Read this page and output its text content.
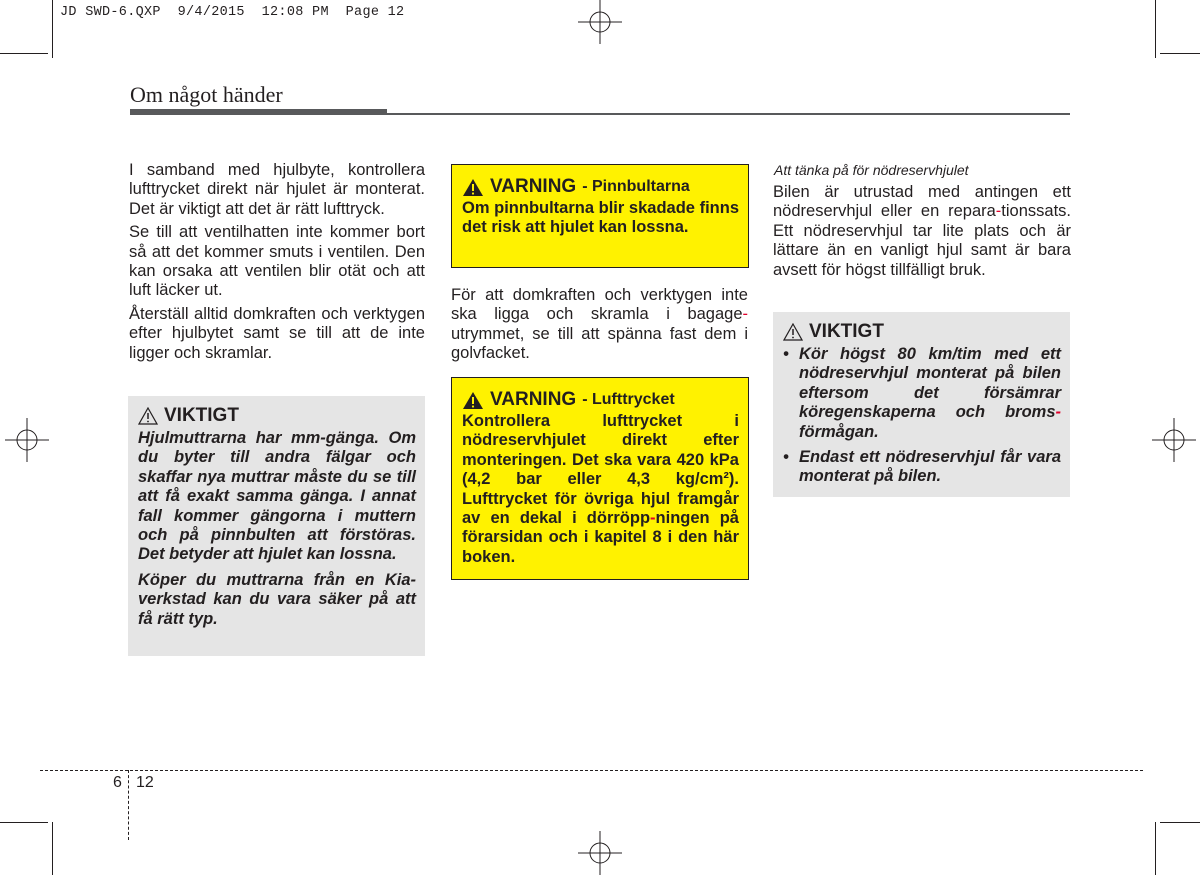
JD SWD-6.QXP  9/4/2015  12:08 PM  Page 12
Om något händer

I samband med hjulbyte, kontrollera lufttrycket direkt när hjulet är monterat. Det är viktigt att det är rätt lufttryck.

Se till att ventilhatten inte kommer bort så att det kommer smuts i ventilen. Den kan orsaka att ventilen blir otät och att luft läcker ut.

Återställ alltid domkraften och verktygen efter hjulbytet samt se till att de inte ligger och skramlar.

VIKTIGT

Hjulmuttrarna har mm-gänga. Om du byter till andra fälgar och skaffar nya muttrar måste du se till att få exakt samma gänga. I annat fall kommer gängorna i muttern och på pinnbulten att förstöras. Det betyder att hjulet kan lossna.

Köper du muttrarna från en Kia-verkstad kan du vara säker på att få rätt typ.

VARNING - Pinnbultarna
Om pinnbultarna blir skadade finns det risk att hjulet kan lossna.

För att domkraften och verktygen inte ska ligga och skramla i bagage-utrymmet, se till att spänna fast dem i golvfacket.

VARNING - Lufttrycket
Kontrollera lufttrycket i nödreservhjulet direkt efter monteringen. Det ska vara 420 kPa (4,2 bar eller 4,3 kg/cm²). Lufttrycket för övriga hjul framgår av en dekal i dörröpp-ningen på förarsidan och i kapitel 8 i den här boken.
Att tänka på för nödreservhjulet

Bilen är utrustad med antingen ett nödreservhjul eller en repara-tionssats. Ett nödreservhjul tar lite plats och är lättare än en vanligt hjul samt är bara avsett för högst tillfälligt bruk.

VIKTIGT
• Kör högst 80 km/tim med ett nödreservhjul monterat på bilen eftersom det försämrar köregenskaperna och broms-förmågan.
• Endast ett nödreservhjul får vara monterat på bilen.
6 12
